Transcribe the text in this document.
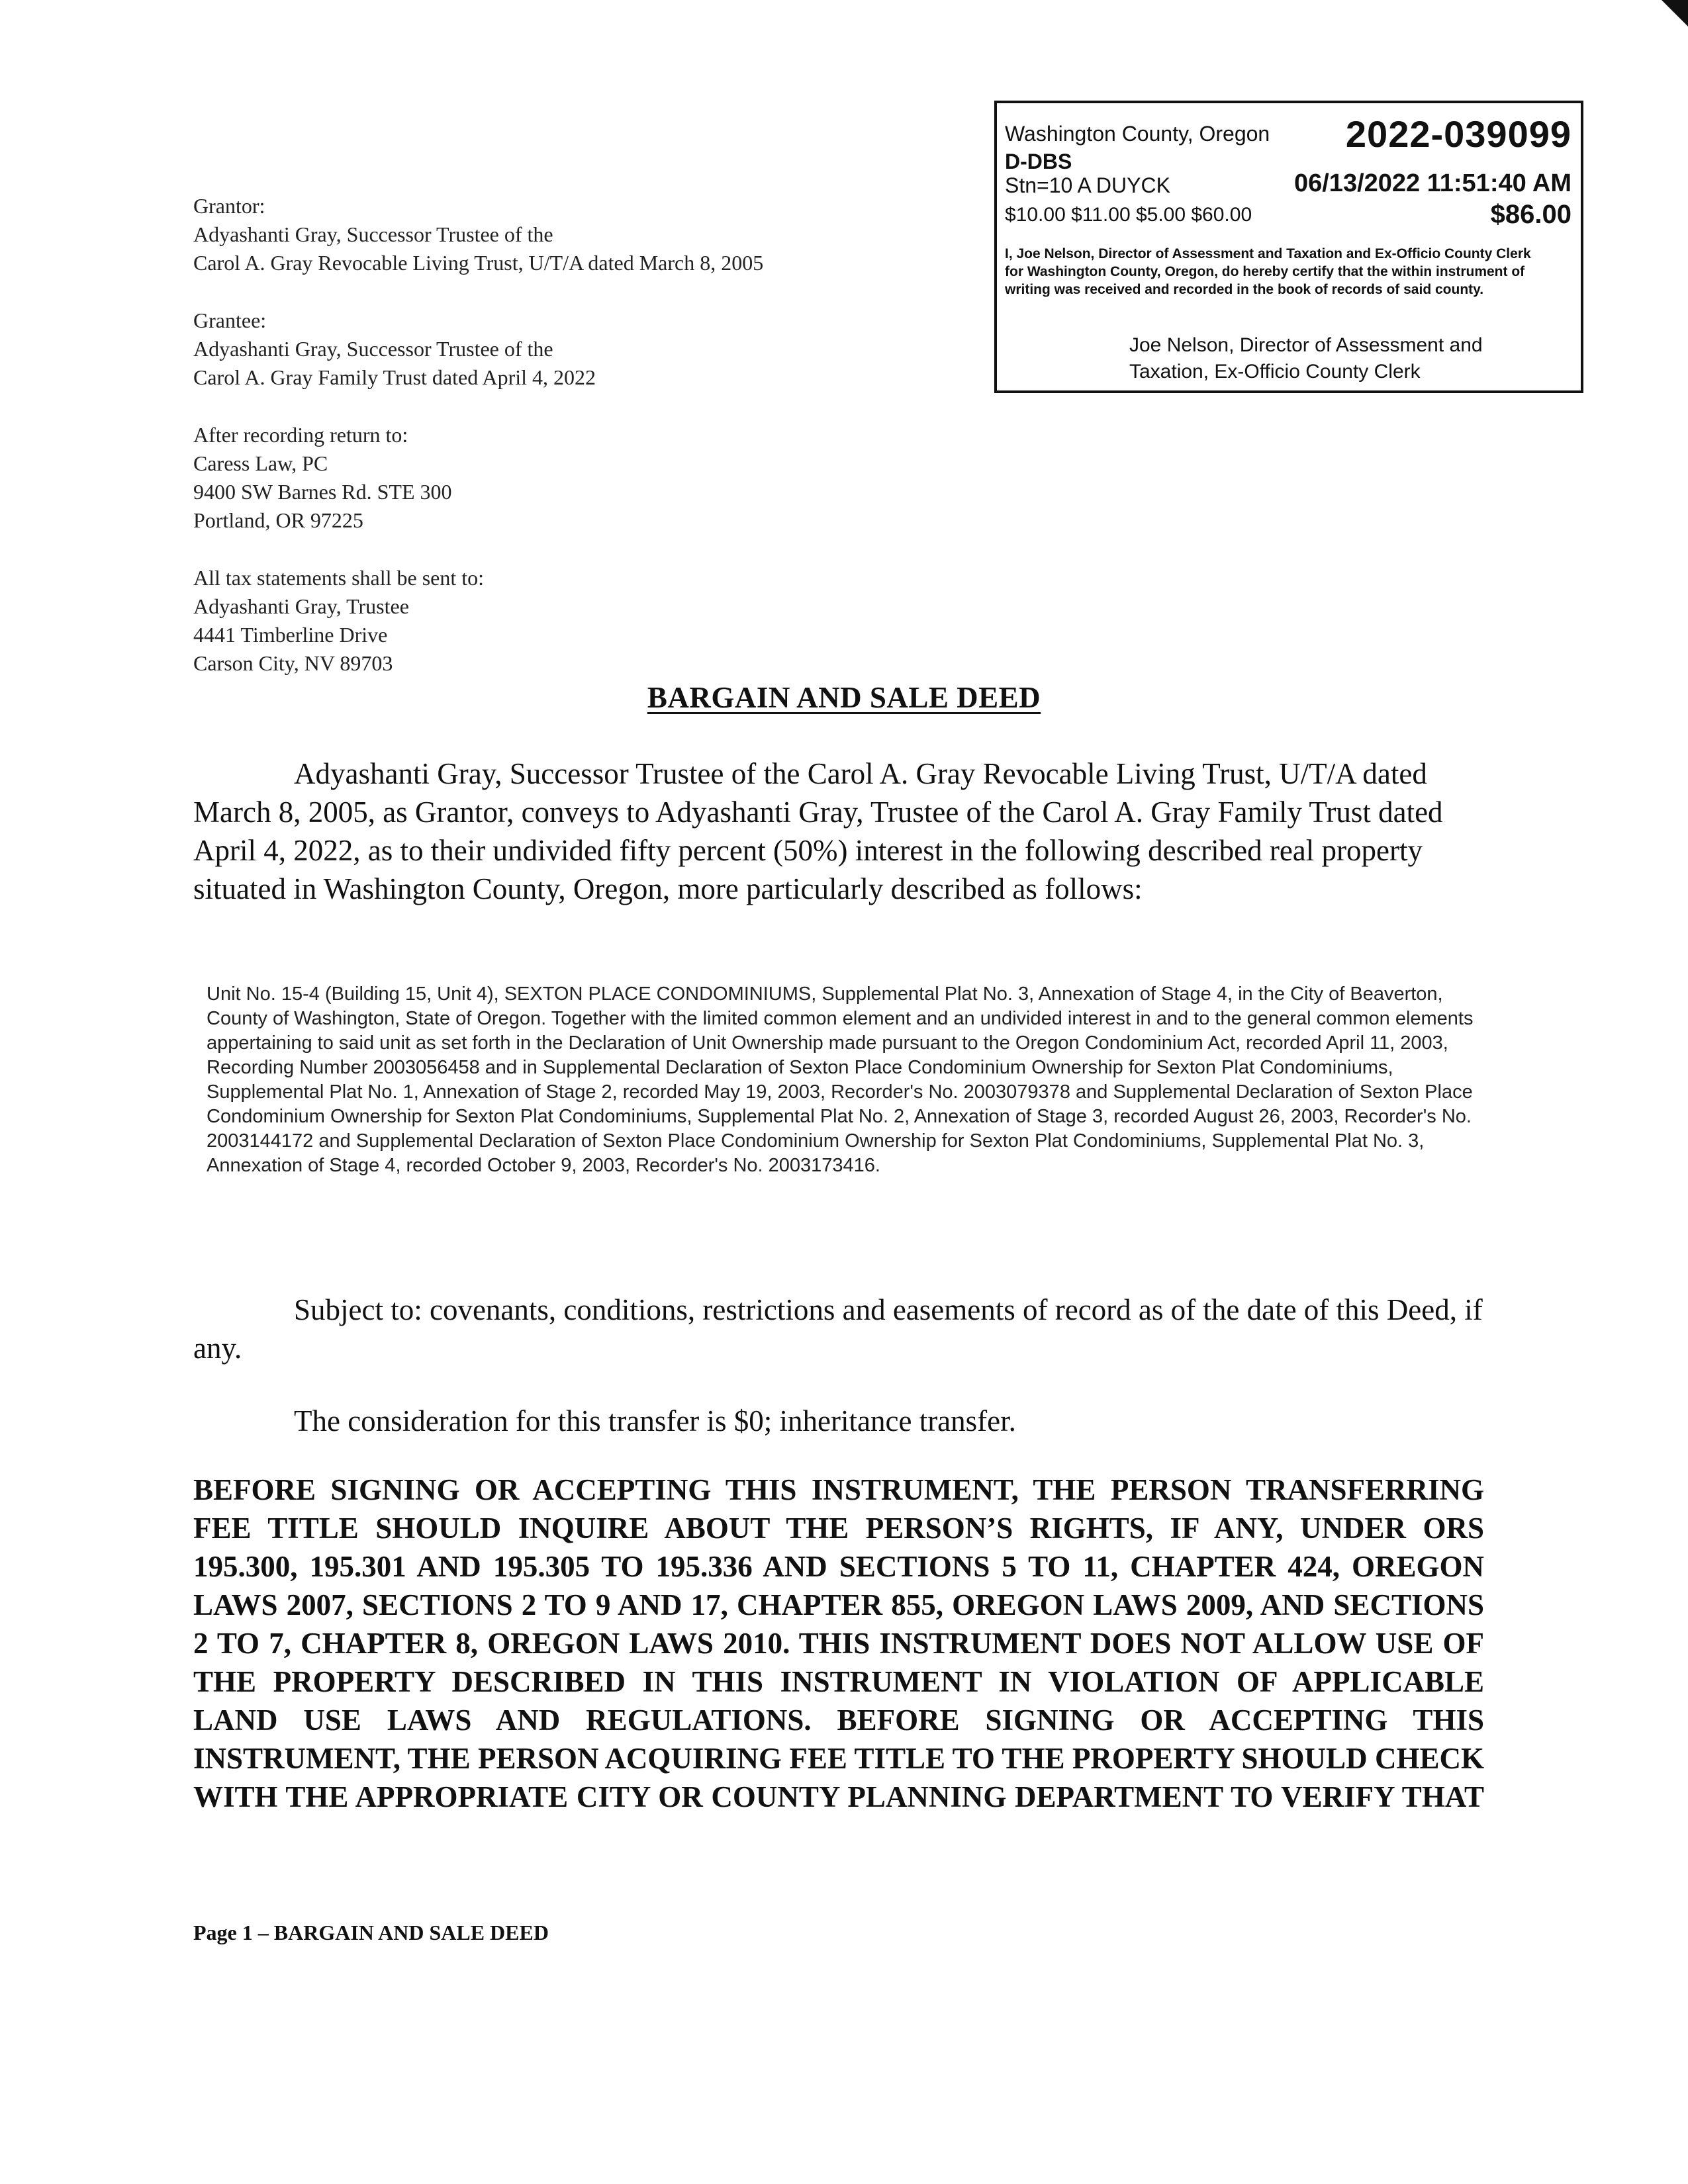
Washington County, Oregon	2022-039099
D-DBS
Stn=10 A DUYCK	06/13/2022 11:51:40 AM
$10.00 $11.00 $5.00 $60.00	$86.00
I, Joe Nelson, Director of Assessment and Taxation and Ex-Officio County Clerk for Washington County, Oregon, do hereby certify that the within instrument of writing was received and recorded in the book of records of said county.
Joe Nelson, Director of Assessment and
Taxation, Ex-Officio County Clerk
Grantor:
Adyashanti Gray, Successor Trustee of the
Carol A. Gray Revocable Living Trust, U/T/A dated March 8, 2005
Grantee:
Adyashanti Gray, Successor Trustee of the
Carol A. Gray Family Trust dated April 4, 2022
After recording return to:
Caress Law, PC
9400 SW Barnes Rd. STE 300
Portland, OR 97225
All tax statements shall be sent to:
Adyashanti Gray, Trustee
4441 Timberline Drive
Carson City, NV 89703
BARGAIN AND SALE DEED
Adyashanti Gray, Successor Trustee of the Carol A. Gray Revocable Living Trust, U/T/A dated March 8, 2005, as Grantor, conveys to Adyashanti Gray, Trustee of the Carol A. Gray Family Trust dated April 4, 2022, as to their undivided fifty percent (50%) interest in the following described real property situated in Washington County, Oregon, more particularly described as follows:
Unit No. 15-4 (Building 15, Unit 4), SEXTON PLACE CONDOMINIUMS, Supplemental Plat No. 3, Annexation of Stage 4, in the City of Beaverton, County of Washington, State of Oregon. Together with the limited common element and an undivided interest in and to the general common elements appertaining to said unit as set forth in the Declaration of Unit Ownership made pursuant to the Oregon Condominium Act, recorded April 11, 2003, Recording Number 2003056458 and in Supplemental Declaration of Sexton Place Condominium Ownership for Sexton Plat Condominiums, Supplemental Plat No. 1, Annexation of Stage 2, recorded May 19, 2003, Recorder's No. 2003079378 and Supplemental Declaration of Sexton Place Condominium Ownership for Sexton Plat Condominiums, Supplemental Plat No. 2, Annexation of Stage 3, recorded August 26, 2003, Recorder's No. 2003144172 and Supplemental Declaration of Sexton Place Condominium Ownership for Sexton Plat Condominiums, Supplemental Plat No. 3, Annexation of Stage 4, recorded October 9, 2003, Recorder's No. 2003173416.
Subject to: covenants, conditions, restrictions and easements of record as of the date of this Deed, if any.
The consideration for this transfer is $0; inheritance transfer.
BEFORE SIGNING OR ACCEPTING THIS INSTRUMENT, THE PERSON TRANSFERRING FEE TITLE SHOULD INQUIRE ABOUT THE PERSON’S RIGHTS, IF ANY, UNDER ORS 195.300, 195.301 AND 195.305 TO 195.336 AND SECTIONS 5 TO 11, CHAPTER 424, OREGON LAWS 2007, SECTIONS 2 TO 9 AND 17, CHAPTER 855, OREGON LAWS 2009, AND SECTIONS 2 TO 7, CHAPTER 8, OREGON LAWS 2010. THIS INSTRUMENT DOES NOT ALLOW USE OF THE PROPERTY DESCRIBED IN THIS INSTRUMENT IN VIOLATION OF APPLICABLE LAND USE LAWS AND REGULATIONS. BEFORE SIGNING OR ACCEPTING THIS INSTRUMENT, THE PERSON ACQUIRING FEE TITLE TO THE PROPERTY SHOULD CHECK WITH THE APPROPRIATE CITY OR COUNTY PLANNING DEPARTMENT TO VERIFY THAT
Page 1 – BARGAIN AND SALE DEED
